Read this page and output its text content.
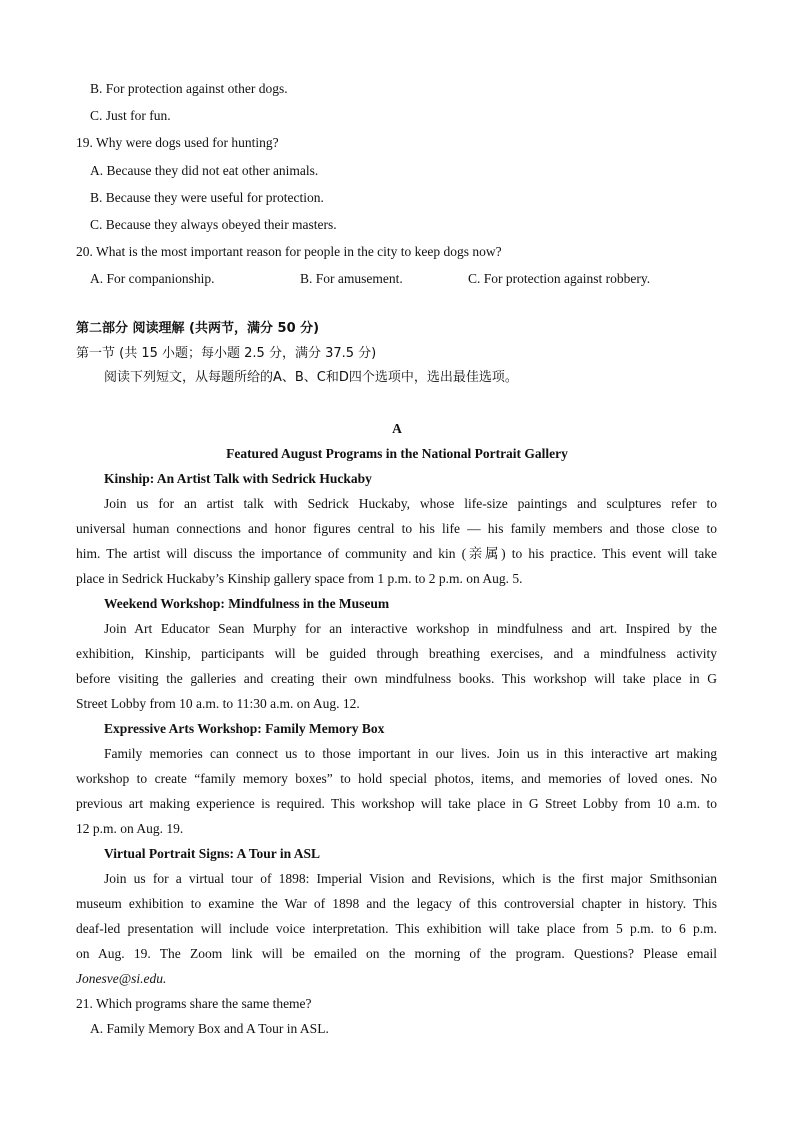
B. For protection against other dogs.
C. Just for fun.
19. Why were dogs used for hunting?
A. Because they did not eat other animals.
B. Because they were useful for protection.
C. Because they always obeyed their masters.
20. What is the most important reason for people in the city to keep dogs now?
A. For companionship.	B. For amusement.	C. For protection against robbery.
第二部分 阅读理解 (共两节，满分 50 分)
第一节 (共 15 小题；每小题 2.5 分，满分 37.5 分)
阅读下列短文，从每题所给的A、B、C和D四个选项中，选出最佳选项。
A
Featured August Programs in the National Portrait Gallery
Kinship: An Artist Talk with Sedrick Huckaby
Join us for an artist talk with Sedrick Huckaby, whose life-size paintings and sculptures refer to
universal human connections and honor figures central to his life — his family members and those close to
him. The artist will discuss the importance of community and kin (亲属) to his practice. This event will take
place in Sedrick Huckaby’s Kinship gallery space from 1 p.m. to 2 p.m. on Aug. 5.
Weekend Workshop: Mindfulness in the Museum
Join Art Educator Sean Murphy for an interactive workshop in mindfulness and art. Inspired by the
exhibition, Kinship, participants will be guided through breathing exercises, and a mindfulness activity
before visiting the galleries and creating their own mindfulness books. This workshop will take place in G
Street Lobby from 10 a.m. to 11:30 a.m. on Aug. 12.
Expressive Arts Workshop: Family Memory Box
Family memories can connect us to those important in our lives. Join us in this interactive art making
workshop to create “family memory boxes” to hold special photos, items, and memories of loved ones. No
previous art making experience is required. This workshop will take place in G Street Lobby from 10 a.m. to
12 p.m. on Aug. 19.
Virtual Portrait Signs: A Tour in ASL
Join us for a virtual tour of 1898: Imperial Vision and Revisions, which is the first major Smithsonian
museum exhibition to examine the War of 1898 and the legacy of this controversial chapter in history. This
deaf-led presentation will include voice interpretation. This exhibition will take place from 5 p.m. to 6 p.m.
on Aug. 19. The Zoom link will be emailed on the morning of the program. Questions? Please email
Jonesve@si.edu.
21. Which programs share the same theme?
A. Family Memory Box and A Tour in ASL.
